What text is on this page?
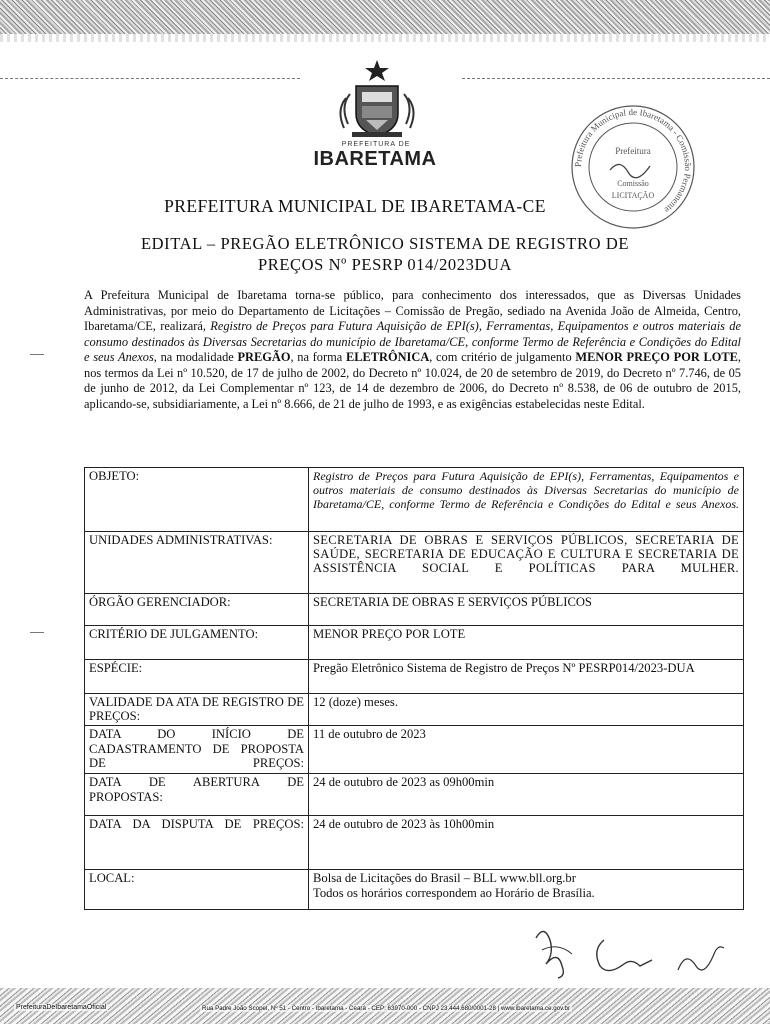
PREFEITURA DE
IBARETAMA	Prefeitura Municipal de Ibaretama - Comissão Permanente
Prefeitura
Comissão
LICITAÇÃO
PREFEITURA MUNICIPAL DE IBARETAMA-CE
EDITAL – PREGÃO ELETRÔNICO SISTEMA DE REGISTRO DE
PREÇOS Nº PESRP 014/2023DUA

A Prefeitura Municipal de Ibaretama torna-se público, para conhecimento dos interessados, que as Diversas Unidades Administrativas, por meio do Departamento de Licitações – Comissão de Pregão, sediado na Avenida João de Almeida, Centro, Ibaretama/CE, realizará, Registro de Preços para Futura Aquisição de EPI(s), Ferramentas, Equipamentos e outros materiais de consumo destinados às Diversas Secretarias do município de Ibaretama/CE, conforme Termo de Referência e Condições do Edital e seus Anexos, na modalidade PREGÃO, na forma ELETRÔNICA, com critério de julgamento MENOR PREÇO POR LOTE, nos termos da Lei nº 10.520, de 17 de julho de 2002, do Decreto nº 10.024, de 20 de setembro de 2019, do Decreto nº 7.746, de 05 de junho de 2012, da Lei Complementar nº 123, de 14 de dezembro de 2006, do Decreto nº 8.538, de 06 de outubro de 2015, aplicando-se, subsidiariamente, a Lei nº 8.666, de 21 de julho de 1993, e as exigências estabelecidas neste Edital.

OBJETO:	Registro de Preços para Futura Aquisição de EPI(s), Ferramentas, Equipamentos e outros materiais de consumo destinados às Diversas Secretarias do município de Ibaretama/CE, conforme Termo de Referência e Condições do Edital e seus Anexos.
UNIDADES ADMINISTRATIVAS:	SECRETARIA DE OBRAS E SERVIÇOS PÚBLICOS, SECRETARIA DE SAÚDE, SECRETARIA DE EDUCAÇÃO E CULTURA E SECRETARIA DE ASSISTÊNCIA SOCIAL E POLÍTICAS PARA MULHER.
ÓRGÃO GERENCIADOR:	SECRETARIA DE OBRAS E SERVIÇOS PÚBLICOS
CRITÉRIO DE JULGAMENTO:	MENOR PREÇO POR LOTE
ESPÉCIE:	Pregão Eletrônico Sistema de Registro de Preços Nº PESRP014/2023-DUA
VALIDADE DA ATA DE REGISTRO DE PREÇOS:	12 (doze) meses.
DATA DO INÍCIO DE CADASTRAMENTO DE PROPOSTA DE PREÇOS:	11 de outubro de 2023
DATA DE ABERTURA DE PROPOSTAS:	24 de outubro de 2023 as 09h00min
DATA DA DISPUTA DE PREÇOS:	24 de outubro de 2023 às 10h00min
LOCAL:	Bolsa de Licitações do Brasil – BLL www.bll.org.br
Todos os horários correspondem ao Horário de Brasília.
PrefeituraDeIbaretamaOficial	Rua Padre João Scopel, Nº 51 - Centro - Ibaretama - Ceará - CEP: 63970-000 - CNPJ 23.444.680/0001-28 | www.ibaretama.ce.gov.br
